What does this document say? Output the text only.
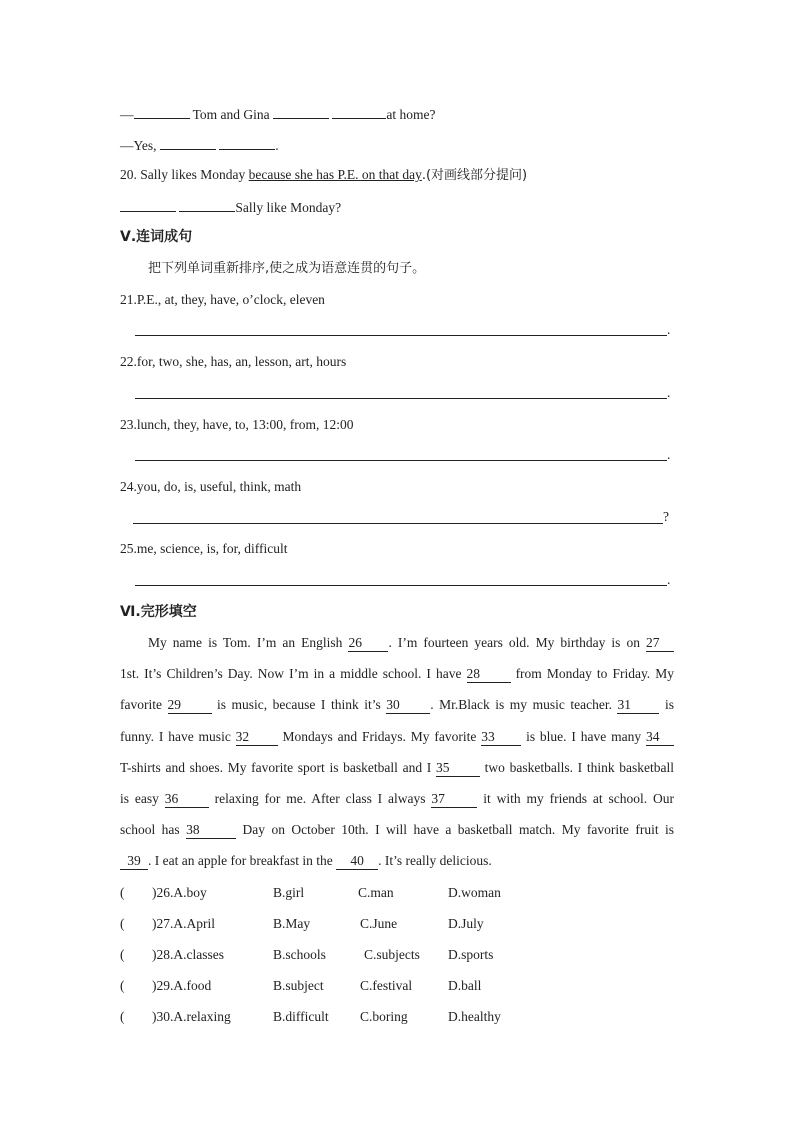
—	Tom and Gina	at home?
—Yes,	.
20. Sally likes Monday because she has P.E. on that day.(对画线部分提问)
Sally like Monday?
Ⅴ.连词成句
把下列单词重新排序,使之成为语意连贯的句子。
21.P.E., at, they, have, o’clock, eleven
.
22.for, two, she, has, an, lesson, art, hours
.
23.lunch, they, have, to, 13:00, from, 12:00
.
24.you, do, is, useful, think, math
?
25.me, science, is, for, difficult
.
Ⅵ.完形填空
My name is Tom. I’m an English 26 . I’m fourteen years old. My birthday is on 27
1st. It’s Children’s Day. Now I’m in a middle school. I have 28 from Monday to Friday. My
favorite 29 is music, because I think it’s 30 . Mr.Black is my music teacher. 31 is
funny. I have music 32 Mondays and Fridays. My favorite 33 is blue. I have many 34
T-shirts and shoes. My favorite sport is basketball and I 35 two basketballs. I think basketball
is easy 36 relaxing for me. After class I always 37 it with my friends at school. Our
school has 38	Day on October 10th. I will have a basketball match. My favorite fruit is
39 . I eat an apple for breakfast in the 40 . It’s really delicious.
( )26.A.boy	B.girl	C.man	D.woman
( )27.A.April	B.May	C.June	D.July
( )28.A.classes	B.schools	C.subjects D.sports
( )29.A.food	B.subject	C.festival	D.ball
( )30.A.relaxing	B.difficult C.boring	D.healthy
